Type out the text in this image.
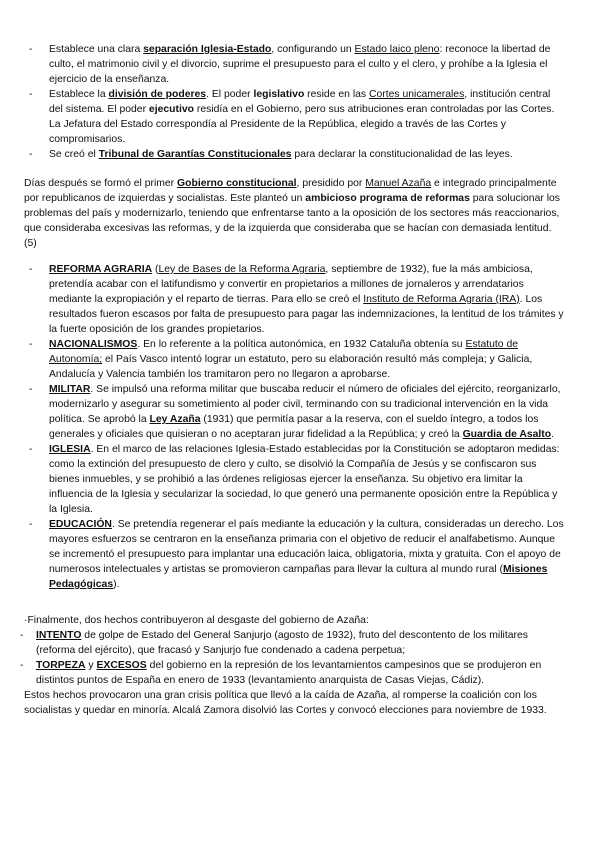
- Establece una clara separación Iglesia-Estado, configurando un Estado laico pleno: reconoce la libertad de culto, el matrimonio civil y el divorcio, suprime el presupuesto para el culto y el clero, y prohíbe a la Iglesia el ejercicio de la enseñanza.
- Establece la división de poderes. El poder legislativo reside en las Cortes unicamerales, institución central del sistema. El poder ejecutivo residía en el Gobierno, pero sus atribuciones eran controladas por las Cortes. La Jefatura del Estado correspondía al Presidente de la República, elegido a través de las Cortes y compromisarios.
- Se creó el Tribunal de Garantías Constitucionales para declarar la constitucionalidad de las leyes.

Días después se formó el primer Gobierno constitucional, presidido por Manuel Azaña e integrado principalmente por republicanos de izquierdas y socialistas. Este planteó un ambicioso programa de reformas para solucionar los problemas del país y modernizarlo, teniendo que enfrentarse tanto a la oposición de los sectores más reaccionarios, que consideraba excesivas las reformas, y de la izquierda que consideraba que se hacían con demasiada lentitud. (5)

- REFORMA AGRARIA (Ley de Bases de la Reforma Agraria, septiembre de 1932), fue la más ambiciosa, pretendía acabar con el latifundismo y convertir en propietarios a millones de jornaleros y arrendatarios mediante la expropiación y el reparto de tierras. Para ello se creó el Instituto de Reforma Agraria (IRA). Los resultados fueron escasos por falta de presupuesto para pagar las indemnizaciones, la lentitud de los trámites y la fuerte oposición de los grandes propietarios.
- NACIONALISMOS. En lo referente a la política autonómica, en 1932 Cataluña obtenía su Estatuto de Autonomía; el País Vasco intentó lograr un estatuto, pero su elaboración resultó más compleja; y Galicia, Andalucía y Valencia también los tramitaron pero no llegaron a aprobarse.
- MILITAR. Se impulsó una reforma militar que buscaba reducir el número de oficiales del ejército, reorganizarlo, modernizarlo y asegurar su sometimiento al poder civil, terminando con su tradicional intervención en la vida política. Se aprobó la Ley Azaña (1931) que permitía pasar a la reserva, con el sueldo íntegro, a todos los generales y oficiales que quisieran o no aceptaran jurar fidelidad a la República; y creó la Guardia de Asalto.
- IGLESIA. En el marco de las relaciones Iglesia-Estado establecidas por la Constitución se adoptaron medidas: como la extinción del presupuesto de clero y culto, se disolvió la Compañía de Jesús y se confiscaron sus bienes inmuebles, y se prohibió a las órdenes religiosas ejercer la enseñanza. Su objetivo era limitar la influencia de la Iglesia y secularizar la sociedad, lo que generó una permanente oposición entre la República y la Iglesia.
- EDUCACIÓN. Se pretendía regenerar el país mediante la educación y la cultura, consideradas un derecho. Los mayores esfuerzos se centraron en la enseñanza primaria con el objetivo de reducir el analfabetismo. Aunque se incrementó el presupuesto para implantar una educación laica, obligatoria, mixta y gratuita. Con el apoyo de numerosos intelectuales y artistas se promovieron campañas para llevar la cultura al mundo rural (Misiones Pedagógicas).

·Finalmente, dos hechos contribuyeron al desgaste del gobierno de Azaña:

- INTENTO de golpe de Estado del General Sanjurjo (agosto de 1932), fruto del descontento de los militares (reforma del ejército), que fracasó y Sanjurjo fue condenado a cadena perpetua;
- TORPEZA y EXCESOS del gobierno en la represión de los levantamientos campesinos que se produjeron en distintos puntos de España en enero de 1933 (levantamiento anarquista de Casas Viejas, Cádiz).

Estos hechos provocaron una gran crisis política que llevó a la caída de Azaña, al romperse la coalición con los socialistas y quedar en minoría. Alcalá Zamora disolvió las Cortes y convocó elecciones para noviembre de 1933.
